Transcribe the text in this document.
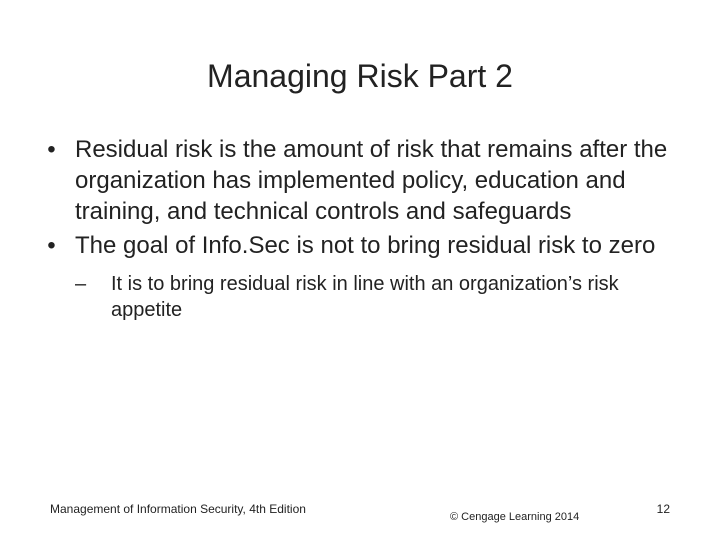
Managing Risk Part 2
• Residual risk is the amount of risk that remains after the organization has implemented policy, education and training, and technical controls and safeguards
• The goal of Info.Sec is not to bring residual risk to zero
–	It is to bring residual risk in line with an organization’s risk appetite
Management of Information Security, 4th Edition
© Cengage Learning 2014
12
